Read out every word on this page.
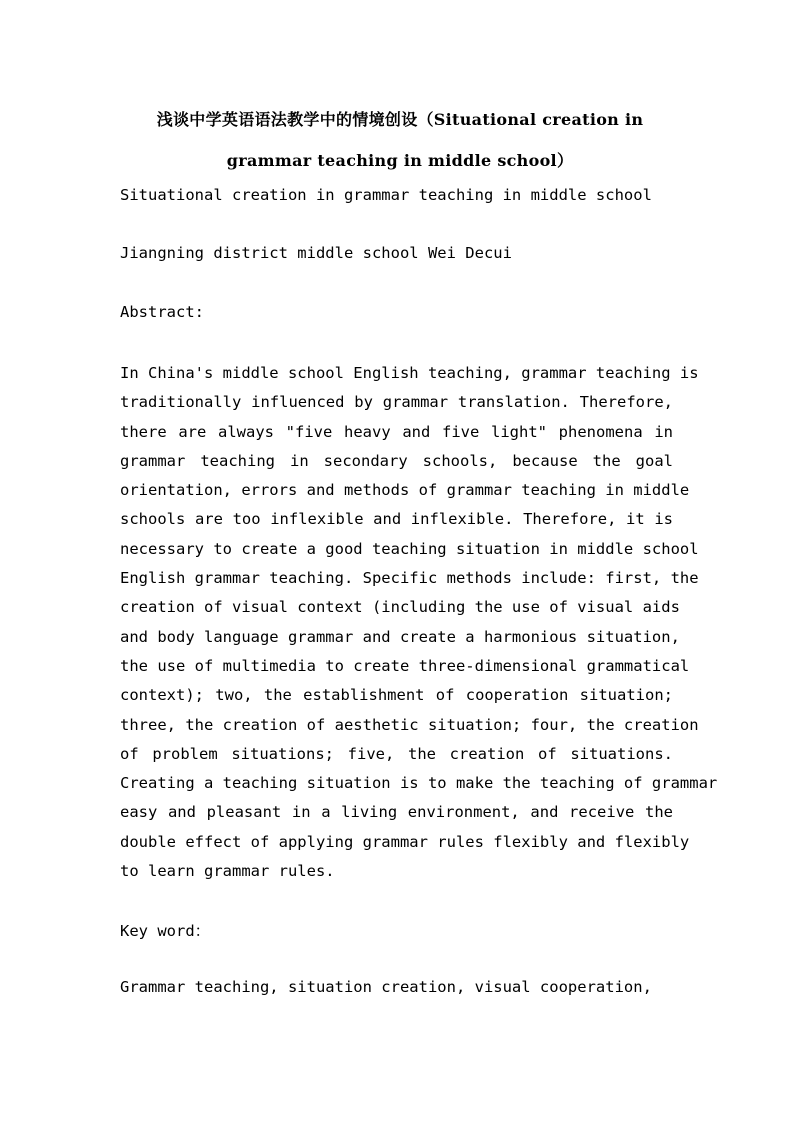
浅谈中学英语语法教学中的情境创设（Situational creation in
grammar teaching in middle school）
Situational creation in grammar teaching in middle school
Jiangning district middle school Wei Decui
Abstract:
In China's middle school English teaching, grammar teaching is
traditionally influenced by grammar translation. Therefore,
there are always "five heavy and five light" phenomena in
grammar teaching in secondary schools, because the goal
orientation, errors and methods of grammar teaching in middle
schools are too inflexible and inflexible. Therefore, it is
necessary to create a good teaching situation in middle school
English grammar teaching. Specific methods include: first, the
creation of visual context (including the use of visual aids
and body language grammar and create a harmonious situation,
the use of multimedia to create three-dimensional grammatical
context); two, the establishment of cooperation situation;
three, the creation of aesthetic situation; four, the creation
of problem situations; five, the creation of situations.
Creating a teaching situation is to make the teaching of grammar
easy and pleasant in a living environment, and receive the
double effect of applying grammar rules flexibly and flexibly
to learn grammar rules.
Key word：
Grammar teaching, situation creation, visual cooperation,
